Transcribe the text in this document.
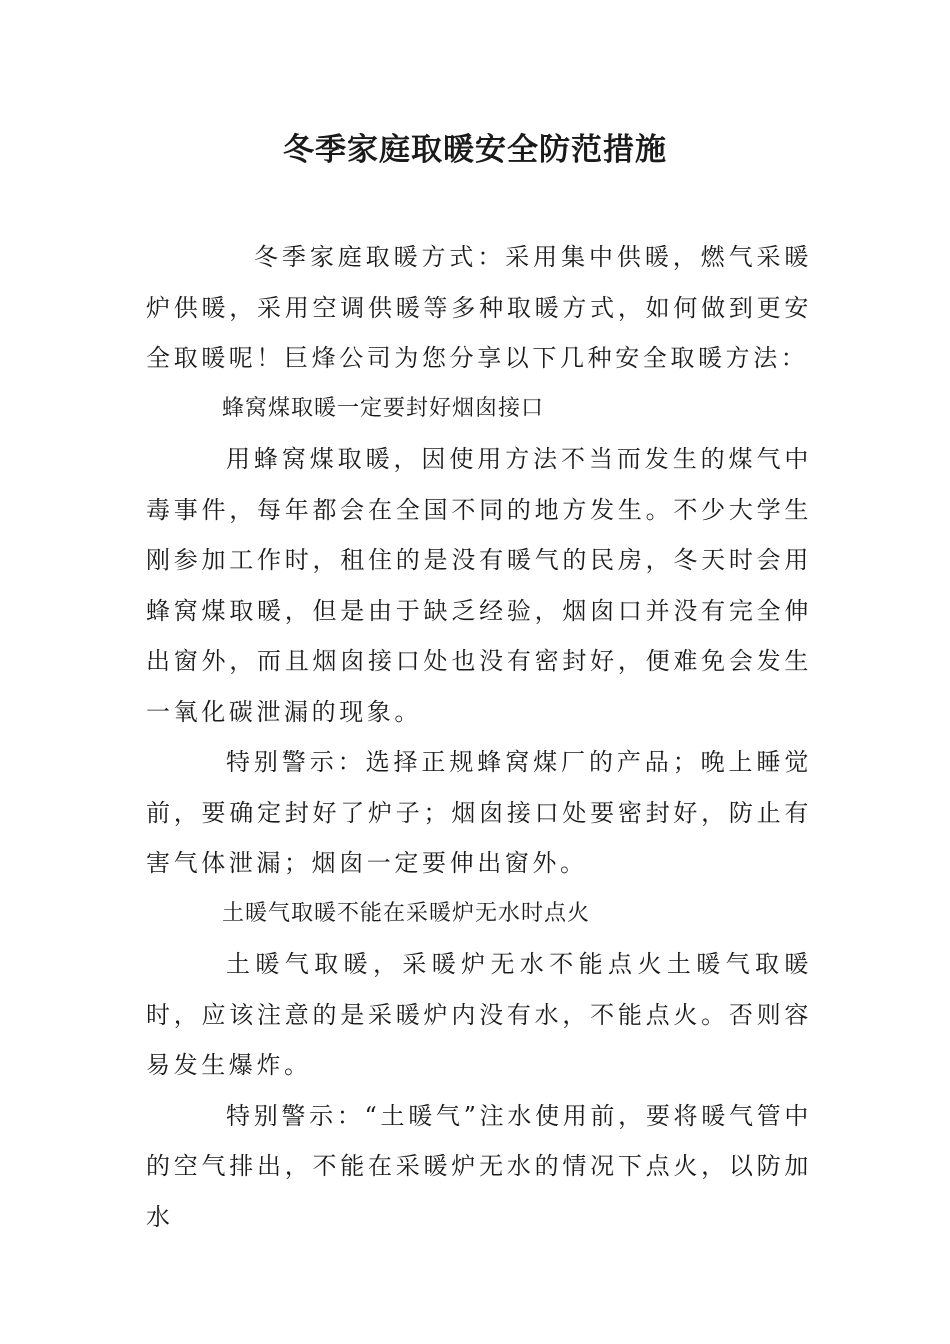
冬季家庭取暖安全防范措施

冬季家庭取暖方式：采用集中供暖，燃气采暖炉供暖，采用空调供暖等多种取暖方式，如何做到更安全取暖呢！巨烽公司为您分享以下几种安全取暖方法：

蜂窝煤取暖一定要封好烟囱接口

用蜂窝煤取暖，因使用方法不当而发生的煤气中毒事件，每年都会在全国不同的地方发生。不少大学生刚参加工作时，租住的是没有暖气的民房，冬天时会用蜂窝煤取暖，但是由于缺乏经验，烟囱口并没有完全伸出窗外，而且烟囱接口处也没有密封好，便难免会发生一氧化碳泄漏的现象。

特别警示：选择正规蜂窝煤厂的产品；晚上睡觉前，要确定封好了炉子；烟囱接口处要密封好，防止有害气体泄漏；烟囱一定要伸出窗外。

土暖气取暖不能在采暖炉无水时点火

土暖气取暖，采暖炉无水不能点火土暖气取暖时，应该注意的是采暖炉内没有水，不能点火。否则容易发生爆炸。

特别警示：“土暖气”注水使用前，要将暖气管中的空气排出，不能在采暖炉无水的情况下点火，以防加水
